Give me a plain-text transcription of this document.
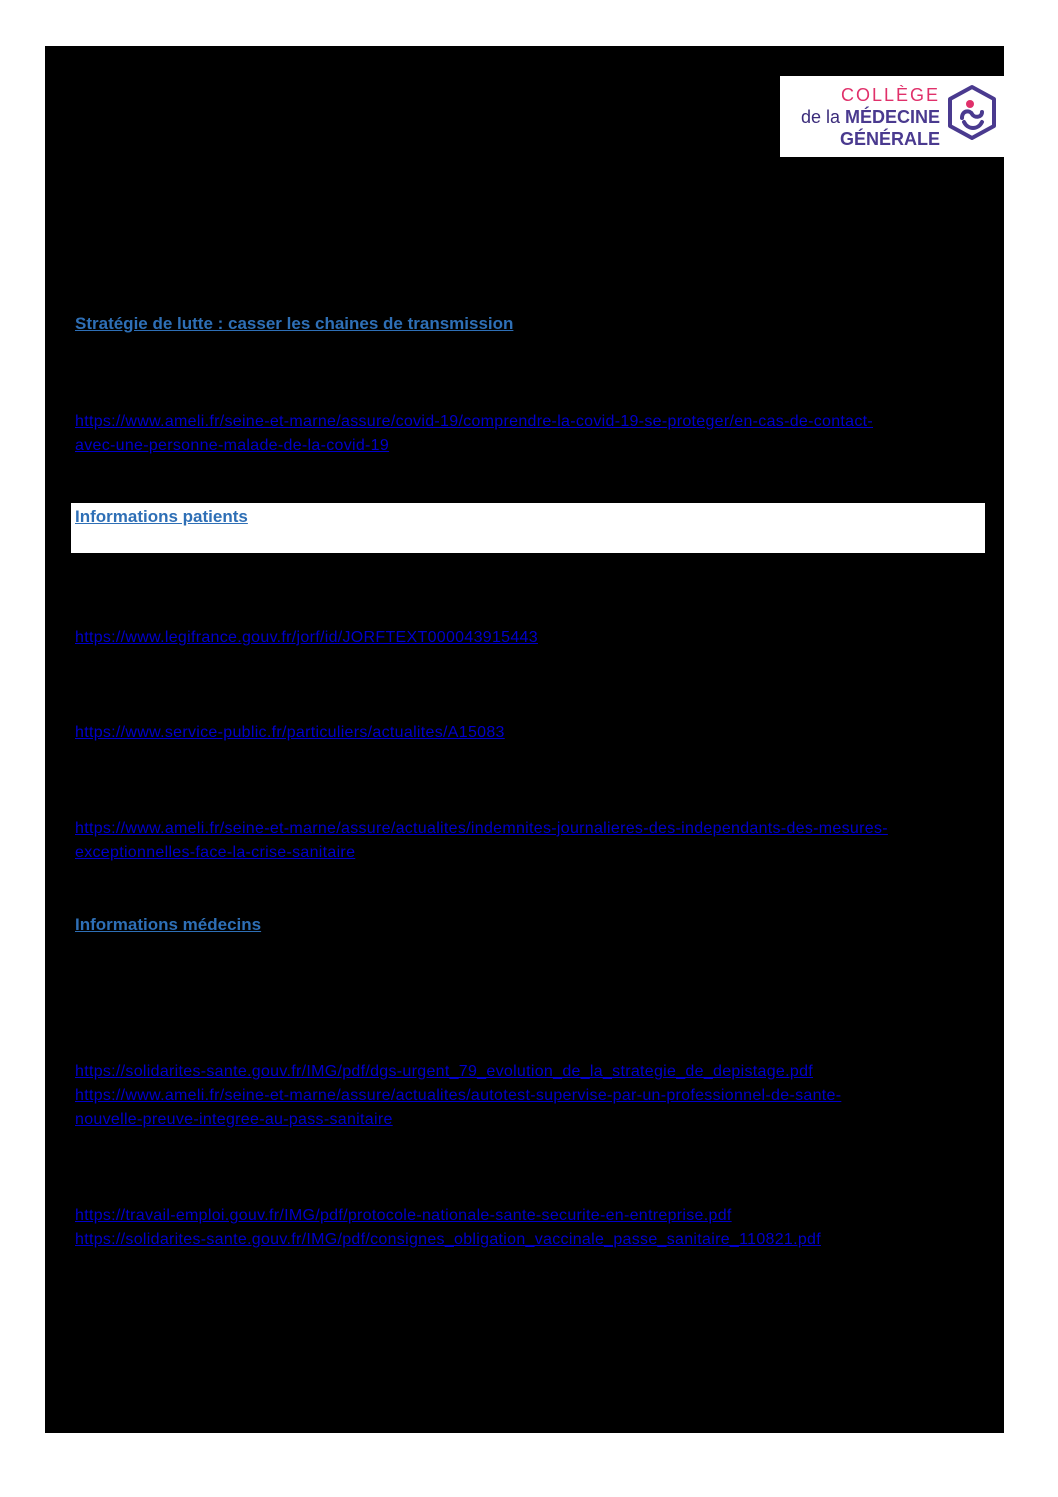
COLLÈGE
de la MÉDECINE
GÉNÉRALE
Stratégie de lutte : casser les chaines de transmission
https://www.ameli.fr/seine-et-marne/assure/covid-19/comprendre-la-covid-19-se-proteger/en-cas-de-contact-
avec-une-personne-malade-de-la-covid-19
Informations patients
https://www.legifrance.gouv.fr/jorf/id/JORFTEXT000043915443
https://www.service-public.fr/particuliers/actualites/A15083
https://www.ameli.fr/seine-et-marne/assure/actualites/indemnites-journalieres-des-independants-des-mesures-
exceptionnelles-face-la-crise-sanitaire
Informations médecins
https://solidarites-sante.gouv.fr/IMG/pdf/dgs-urgent_79_evolution_de_la_strategie_de_depistage.pdf
https://www.ameli.fr/seine-et-marne/assure/actualites/autotest-supervise-par-un-professionnel-de-sante-
nouvelle-preuve-integree-au-pass-sanitaire
https://travail-emploi.gouv.fr/IMG/pdf/protocole-nationale-sante-securite-en-entreprise.pdf
https://solidarites-sante.gouv.fr/IMG/pdf/consignes_obligation_vaccinale_passe_sanitaire_110821.pdf
